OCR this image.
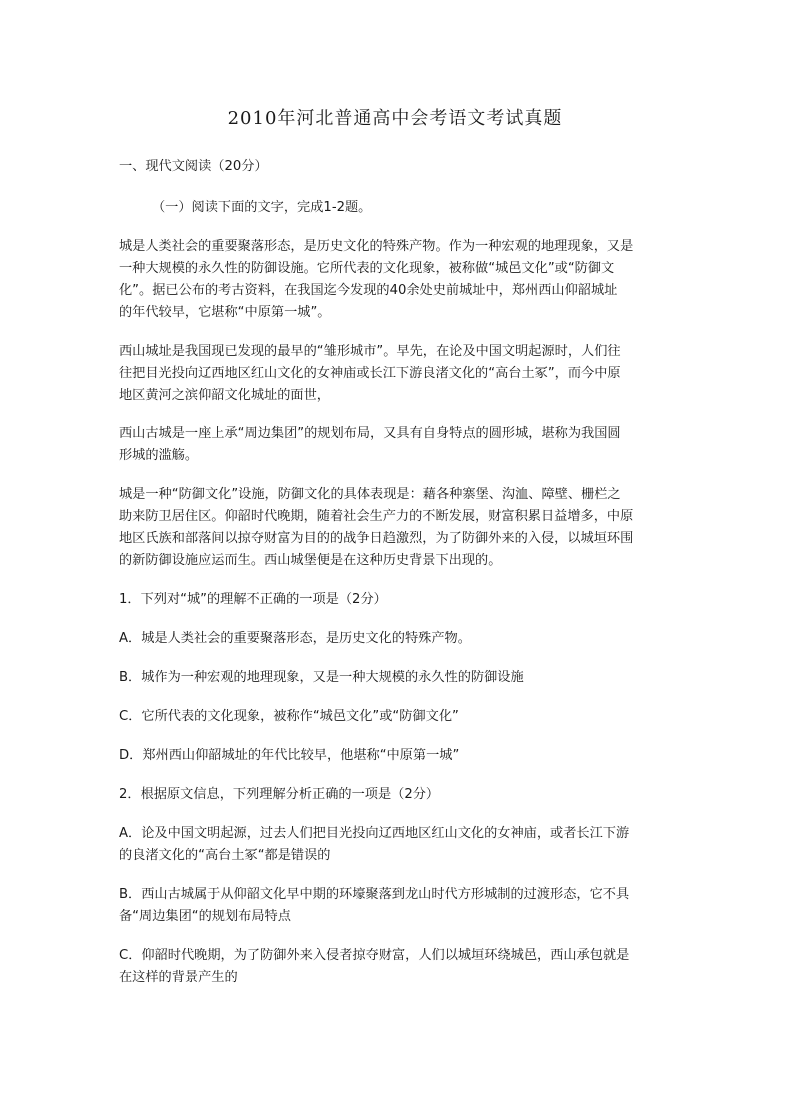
2010年河北普通高中会考语文考试真题
一、现代文阅读（20分）
（一）阅读下面的文字，完成1-2题。
城是人类社会的重要聚落形态，是历史文化的特殊产物。作为一种宏观的地理现象，又是
一种大规模的永久性的防御设施。它所代表的文化现象，被称做“城邑文化”或“防御文
化”。据已公布的考古资料，在我国迄今发现的40余处史前城址中，郑州西山仰韶城址
的年代较早，它堪称“中原第一城”。
西山城址是我国现已发现的最早的“雏形城市”。早先，在论及中国文明起源时，人们往
往把目光投向辽西地区红山文化的女神庙或长江下游良渚文化的“高台土冢”，而今中原
地区黄河之滨仰韶文化城址的面世，
西山古城是一座上承“周边集团”的规划布局，又具有自身特点的圆形城，堪称为我国圆
形城的滥觞。
城是一种“防御文化”设施，防御文化的具体表现是：藉各种寨堡、沟洫、障壁、栅栏之
助来防卫居住区。仰韶时代晚期，随着社会生产力的不断发展，财富积累日益增多，中原
地区氏族和部落间以掠夺财富为目的的战争日趋激烈，为了防御外来的入侵，以城垣环围
的新防御设施应运而生。西山城堡便是在这种历史背景下出现的。
1．下列对“城”的理解不正确的一项是（2分）
A．城是人类社会的重要聚落形态，是历史文化的特殊产物。
B．城作为一种宏观的地理现象，又是一种大规模的永久性的防御设施
C．它所代表的文化现象，被称作“城邑文化”或“防御文化”
D．郑州西山仰韶城址的年代比较早，他堪称“中原第一城”
2．根据原文信息，下列理解分析正确的一项是（2分）
A．论及中国文明起源，过去人们把目光投向辽西地区红山文化的女神庙，或者长江下游
的良渚文化的“高台土冢“都是错误的
B．西山古城属于从仰韶文化早中期的环壕聚落到龙山时代方形城制的过渡形态，它不具
备“周边集团“的规划布局特点
C．仰韶时代晚期，为了防御外来入侵者掠夺财富，人们以城垣环绕城邑，西山承包就是
在这样的背景产生的
